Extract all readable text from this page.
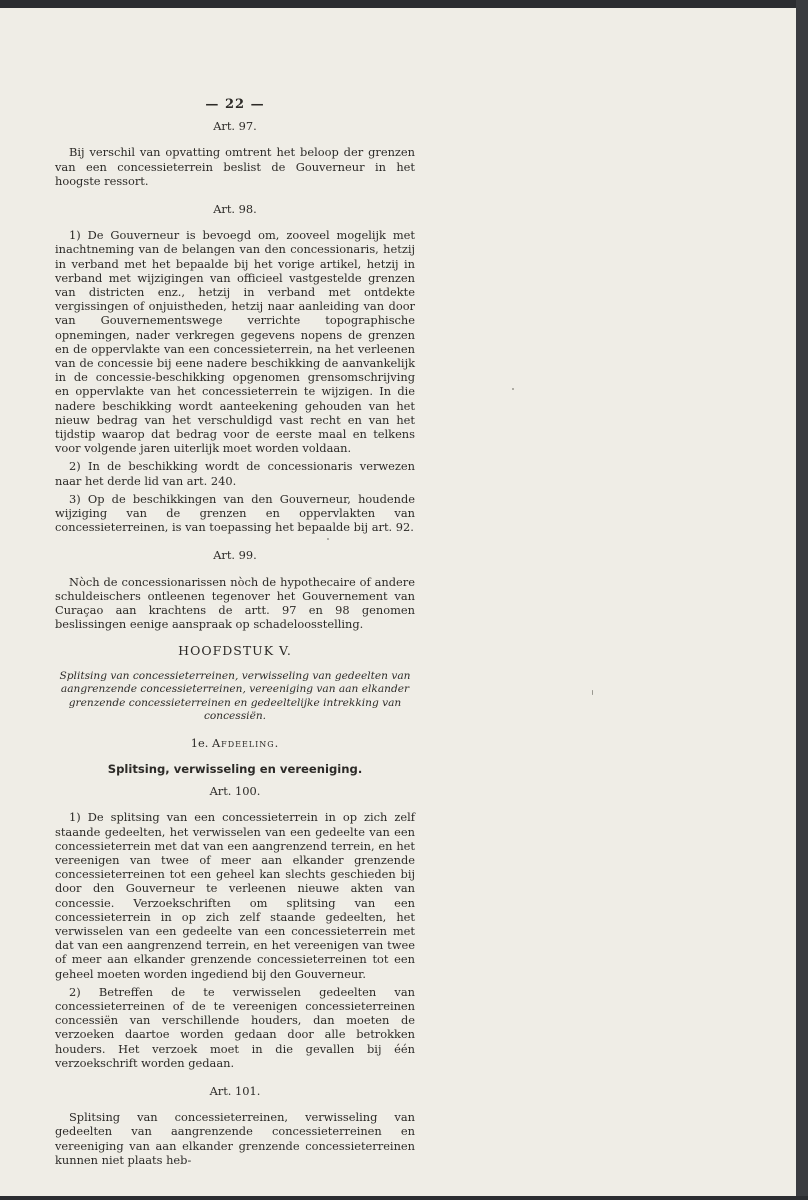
— 22 —
Art. 97.

Bij verschil van opvatting omtrent het beloop der grenzen van een concessieterrein beslist de Gouverneur in het hoogste ressort.

Art. 98.

1) De Gouverneur is bevoegd om, zooveel mogelijk met inachtneming van de belangen van den concessionaris, hetzij in verband met het bepaalde bij het vorige artikel, hetzij in verband met wijzigingen van officieel vastgestelde grenzen van districten enz., hetzij in verband met ontdekte vergissingen of onjuistheden, hetzij naar aanleiding van door van Gouvernementswege verrichte topographische opnemingen, nader verkregen gegevens nopens de grenzen en de oppervlakte van een concessieterrein, na het verleenen van de concessie bij eene nadere beschikking de aanvankelijk in de concessie-beschikking opgenomen grensomschrijving en oppervlakte van het concessieterrein te wijzigen. In die nadere beschikking wordt aanteekening gehouden van het nieuw bedrag van het verschuldigd vast recht en van het tijdstip waarop dat bedrag voor de eerste maal en telkens voor volgende jaren uiterlijk moet worden voldaan.

2) In de beschikking wordt de concessionaris verwezen naar het derde lid van art. 240.

3) Op de beschikkingen van den Gouverneur, houdende wijziging van de grenzen en oppervlakten van concessieterreinen, is van toepassing het bepaalde bij art. 92.

Art. 99.

Nòch de concessionarissen nòch de hypothecaire of andere schuldeischers ontleenen tegenover het Gouvernement van Curaçao aan krachtens de artt. 97 en 98 genomen beslissingen eenige aanspraak op schadeloosstelling.

HOOFDSTUK V.
Splitsing van concessieterreinen, verwisseling van gedeelten van aangrenzende concessieterreinen, vereeniging van aan elkander grenzende concessieterreinen en gedeeltelijke intrekking van concessiën.
1e. Afdeeling.
Splitsing, verwisseling en vereeniging.
Art. 100.

1) De splitsing van een concessieterrein in op zich zelf staande gedeelten, het verwisselen van een gedeelte van een concessieterrein met dat van een aangrenzend terrein, en het vereenigen van twee of meer aan elkander grenzende concessieterreinen tot een geheel kan slechts geschieden bij door den Gouverneur te verleenen nieuwe akten van concessie. Verzoekschriften om splitsing van een concessieterrein in op zich zelf staande gedeelten, het verwisselen van een gedeelte van een concessieterrein met dat van een aangrenzend terrein, en het vereenigen van twee of meer aan elkander grenzende concessieterreinen tot een geheel moeten worden ingediend bij den Gouverneur.

2) Betreffen de te verwisselen gedeelten van concessieterreinen of de te vereenigen concessieterreinen concessiën van verschillende houders, dan moeten de verzoeken daartoe worden gedaan door alle betrokken houders. Het verzoek moet in die gevallen bij één verzoekschrift worden gedaan.

Art. 101.

Splitsing van concessieterreinen, verwisseling van gedeelten van aangrenzende concessieterreinen en vereeniging van aan elkander grenzende concessieterreinen kunnen niet plaats heb-
